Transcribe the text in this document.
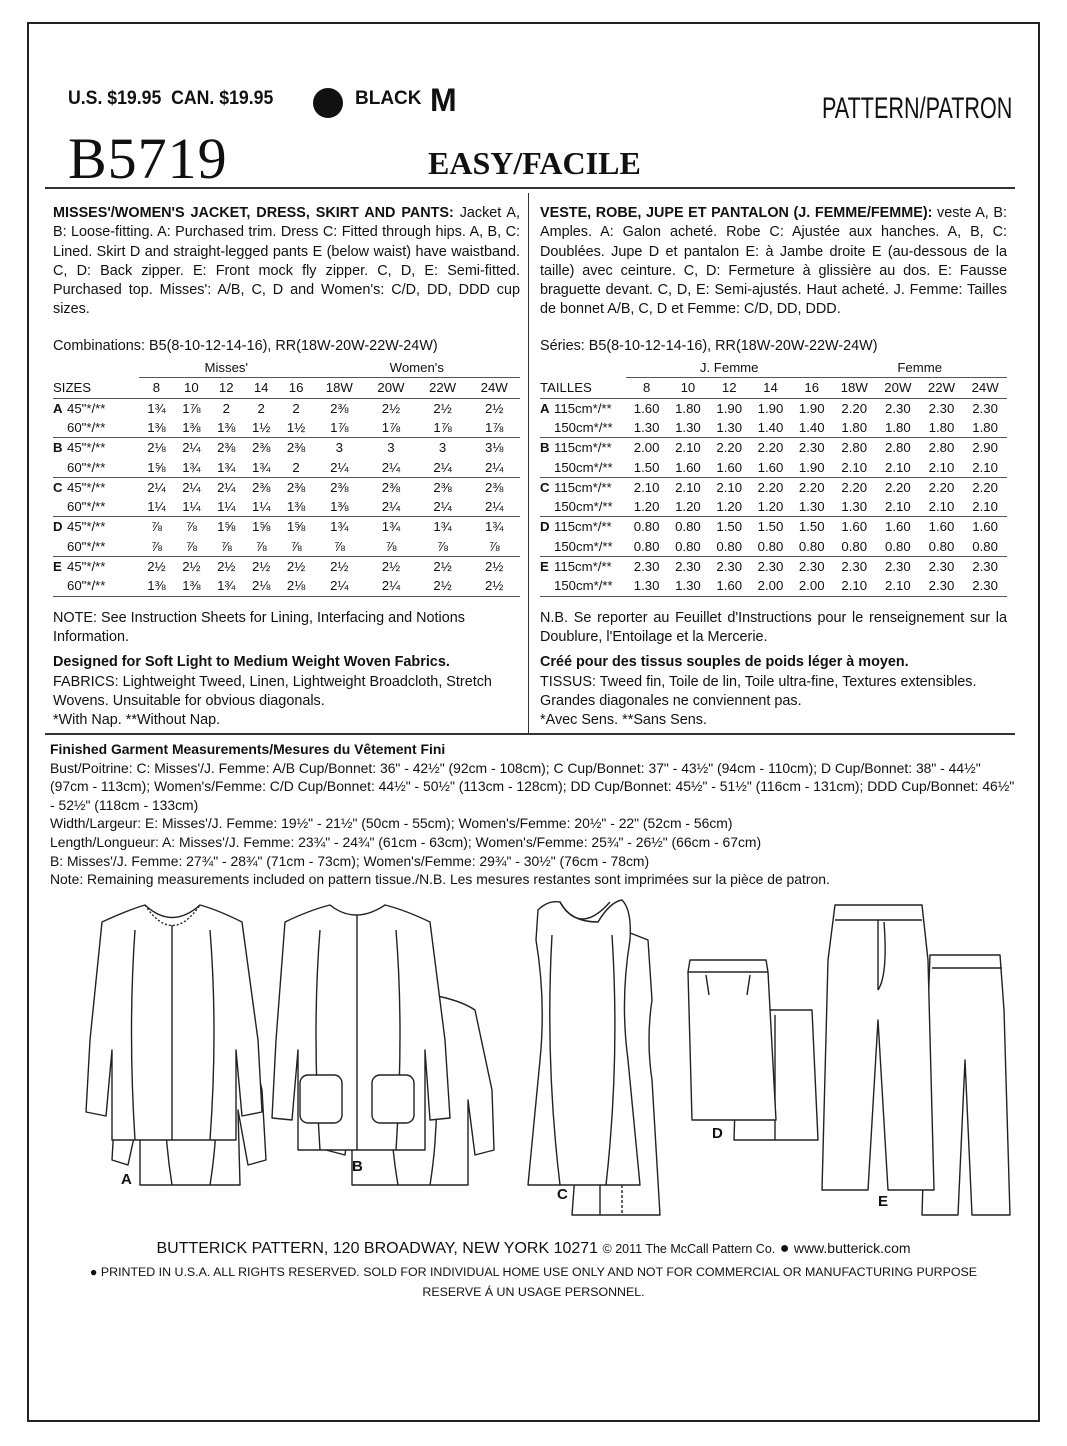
U.S. $19.95 CAN. $19.95	BLACK M	PATTERN/PATRON
B5719	EASY/FACILE

MISSES'/WOMEN'S JACKET, DRESS, SKIRT AND PANTS: Jacket A, B: Loose-fitting. A: Purchased trim. Dress C: Fitted through hips. A, B, C: Lined. Skirt D and straight-legged pants E (below waist) have waistband. C, D: Back zipper. E: Front mock fly zipper. C, D, E: Semi-fitted. Purchased top. Misses': A/B, C, D and Women's: C/D, DD, DDD cup sizes.

Combinations: B5(8-10-12-14-16), RR(18W-20W-22W-24W)

		Misses'					Women's			
SIZES		8	10	12	14	16	18W	20W	22W	24W
A	45"*/**	1¾	1⅞	2	2	2	2⅜	2½	2½	2½
	60"*/**	1⅜	1⅜	1⅜	1½	1½	1⅞	1⅞	1⅞	1⅞
B	45"*/**	2⅛	2¼	2⅜	2⅜	2⅜	3	3	3	3⅛
	60"*/**	1⅝	1¾	1¾	1¾	2	2¼	2¼	2¼	2¼
C	45"*/**	2¼	2¼	2¼	2⅜	2⅜	2⅜	2⅜	2⅜	2⅜
	60"*/**	1¼	1¼	1¼	1¼	1⅜	1⅜	2¼	2¼	2¼
D	45"*/**	⅞	⅞	1⅝	1⅝	1⅝	1¾	1¾	1¾	1¾
	60"*/**	⅞	⅞	⅞	⅞	⅞	⅞	⅞	⅞	⅞
E	45"*/**	2½	2½	2½	2½	2½	2½	2½	2½	2½
	60"*/**	1⅜	1⅜	1¾	2⅛	2⅛	2¼	2¼	2½	2½

NOTE: See Instruction Sheets for Lining, Interfacing and Notions Information.

Designed for Soft Light to Medium Weight Woven Fabrics.

FABRICS: Lightweight Tweed, Linen, Lightweight Broadcloth, Stretch Wovens. Unsuitable for obvious diagonals.

*With Nap. **Without Nap.

VESTE, ROBE, JUPE ET PANTALON (J. FEMME/FEMME): veste A, B: Amples. A: Galon acheté. Robe C: Ajustée aux hanches. A, B, C: Doublées. Jupe D et pantalon E: à Jambe droite E (au-dessous de la taille) avec ceinture. C, D: Fermeture à glissière au dos. E: Fausse braguette devant. C, D, E: Semi-ajustés. Haut acheté. J. Femme: Tailles de bonnet A/B, C, D et Femme: C/D, DD, DDD.

Séries: B5(8-10-12-14-16), RR(18W-20W-22W-24W)

		J. Femme					Femme			
TAILLES		8	10	12	14	16	18W	20W	22W	24W
A	115cm*/**	1.60	1.80	1.90	1.90	1.90	2.20	2.30	2.30	2.30
	150cm*/**	1.30	1.30	1.30	1.40	1.40	1.80	1.80	1.80	1.80
B	115cm*/**	2.00	2.10	2.20	2.20	2.30	2.80	2.80	2.80	2.90
	150cm*/**	1.50	1.60	1.60	1.60	1.90	2.10	2.10	2.10	2.10
C	115cm*/**	2.10	2.10	2.10	2.20	2.20	2.20	2.20	2.20	2.20
	150cm*/**	1.20	1.20	1.20	1.20	1.30	1.30	2.10	2.10	2.10
D	115cm*/**	0.80	0.80	1.50	1.50	1.50	1.60	1.60	1.60	1.60
	150cm*/**	0.80	0.80	0.80	0.80	0.80	0.80	0.80	0.80	0.80
E	115cm*/**	2.30	2.30	2.30	2.30	2.30	2.30	2.30	2.30	2.30
	150cm*/**	1.30	1.30	1.60	2.00	2.00	2.10	2.10	2.30	2.30

N.B. Se reporter au Feuillet d'Instructions pour le renseignement sur la Doublure, l'Entoilage et la Mercerie.

Créé pour des tissus souples de poids léger à moyen.

TISSUS: Tweed fin, Toile de lin, Toile ultra-fine, Textures extensibles. Grandes diagonales ne conviennent pas.

*Avec Sens. **Sans Sens.

Finished Garment Measurements/Mesures du Vêtement Fini

Bust/Poitrine: C: Misses'/J. Femme: A/B Cup/Bonnet: 36" - 42½" (92cm - 108cm); C Cup/Bonnet: 37" - 43½" (94cm - 110cm); D Cup/Bonnet: 38" - 44½" (97cm - 113cm); Women's/Femme: C/D Cup/Bonnet: 44½" - 50½" (113cm - 128cm); DD Cup/Bonnet: 45½" - 51½" (116cm - 131cm); DDD Cup/Bonnet: 46½" - 52½" (118cm - 133cm)

Width/Largeur: E: Misses'/J. Femme: 19½" - 21½" (50cm - 55cm); Women's/Femme: 20½" - 22" (52cm - 56cm)

Length/Longueur: A: Misses'/J. Femme: 23¾" - 24¾" (61cm - 63cm); Women's/Femme: 25¾" - 26½" (66cm - 67cm)

B: Misses'/J. Femme: 27¾" - 28¾" (71cm - 73cm); Women's/Femme: 29¾" - 30½" (76cm - 78cm)

Note: Remaining measurements included on pattern tissue./N.B. Les mesures restantes sont imprimées sur la pièce de patron.

A
B
C
D
E
BUTTERICK PATTERN, 120 BROADWAY, NEW YORK 10271 © 2011 The McCall Pattern Co. ● www.butterick.com
● PRINTED IN U.S.A. ALL RIGHTS RESERVED. SOLD FOR INDIVIDUAL HOME USE ONLY AND NOT FOR COMMERCIAL OR MANUFACTURING PURPOSE
RESERVE Á UN USAGE PERSONNEL.
